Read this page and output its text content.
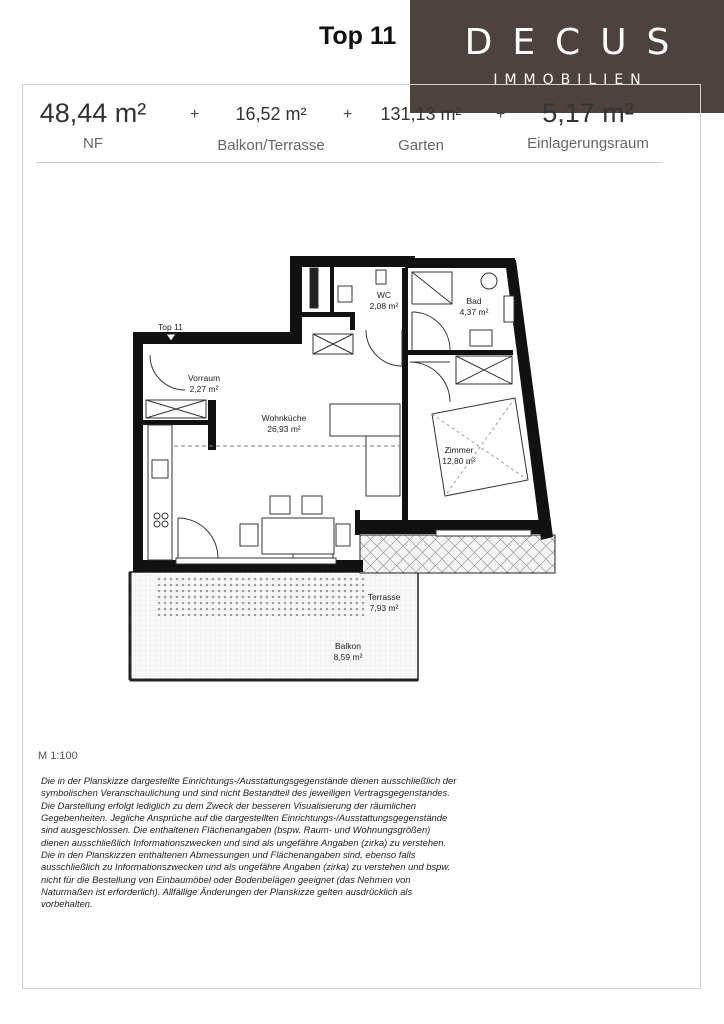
Top 11	DECUS
IMMOBILIEN
48,44 m²
NF
+	16,52 m²
Balkon/Terrasse
+	131,13 m²
Garten
+	5,17 m²
Einlagerungsraum
Top 11
WC
2,08 m²	Bad
4,37 m²
Vorraum
2,27 m²
Wohnküche
26,93 m²
Zimmer
12,80 m²
Terrasse
7,93 m²
Balkon
8,59 m²
M 1:100
Die in der Planskizze dargestellte Einrichtungs-/Ausstattungsgegenstände dienen ausschließlich der symbolischen Veranschaulichung und sind nicht Bestandteil des jeweiligen Vertragsgegenstandes. Die Darstellung erfolgt lediglich zu dem Zweck der besseren Visualisierung der räumlichen Gegebenheiten. Jegliche Ansprüche auf die dargestellten Einrichtungs-/Ausstattungsgegenstände sind ausgeschlossen. Die enthaltenen Flächenangaben (bspw. Raum- und Wohnungsgrößen) dienen ausschließlich Informationszwecken und sind als ungefähre Angaben (zirka) zu verstehen. Die in den Planskizzen enthaltenen Abmessungen und Flächenangaben sind, ebenso falls ausschließlich zu Informationszwecken und als ungefähre Angaben (zirka) zu verstehen und bspw. nicht für die Bestellung von Einbaumöbel oder Bodenbelägen geeignet (das Nehmen von Naturmaßen ist erforderlich). Allfällige Änderungen der Planskizze gelten ausdrücklich als vorbehalten.
